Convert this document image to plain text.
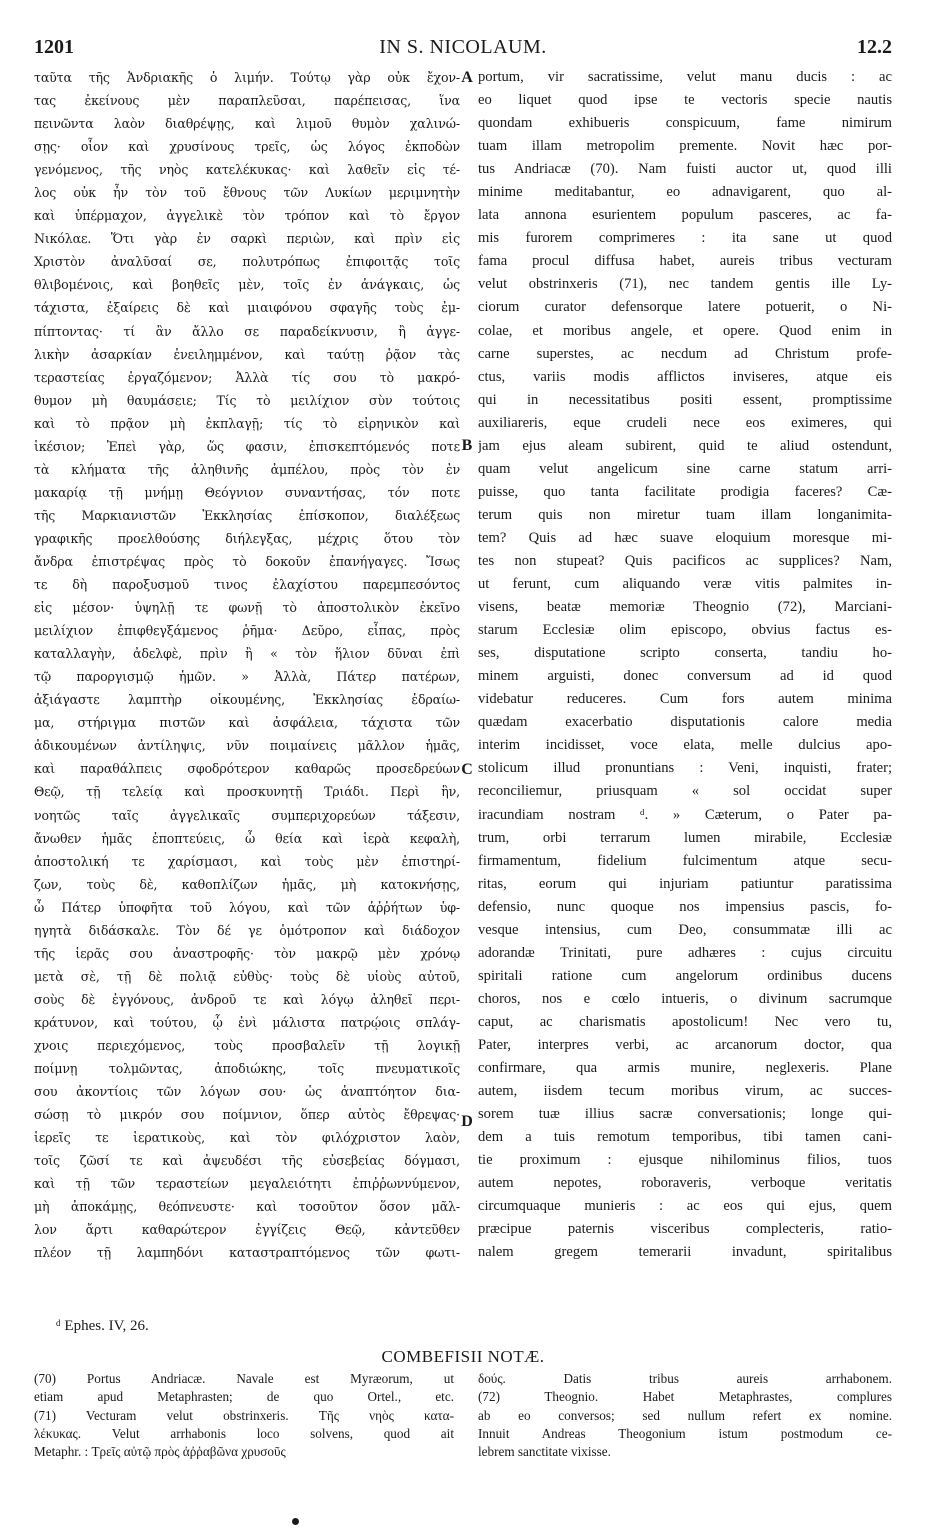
1201	IN S. NICOLAUM.	12.2
ταῦτα τῆς Ἀνδριακῆς ὁ λιμήν. Τούτῳ γὰρ οὐκ ἔχον-
τας ἐκείνους μὲν παραπλεῦσαι, παρέπεισας, ἵνα
πεινῶντα λαὸν διαθρέψῃς, καὶ λιμοῦ θυμὸν χαλινώ-
σῃς· οἷον καὶ χρυσίνους τρεῖς, ὡς λόγος ἐκποδὼν
γενόμενος, τῆς νηὸς κατελέκυκας· καὶ λαθεῖν εἰς τέ-
λος οὐκ ἦν τὸν τοῦ ἔθνους τῶν Λυκίων μεριμνητὴν
καὶ ὑπέρμαχον, ἀγγελικὲ τὸν τρόπον καὶ τὸ ἔργον
Νικόλαε. Ὅτι γὰρ ἐν σαρκὶ περιὼν, καὶ πρὶν εἰς
Χριστὸν ἀναλῦσαί σε, πολυτρόπως ἐπιφοιτᾷς τοῖς
θλιβομένοις, καὶ βοηθεῖς μὲν, τοῖς ἐν ἀνάγκαις, ὡς
τάχιστα, ἐξαίρεις δὲ καὶ μιαιφόνου σφαγῆς τοὺς ἐμ-
πίπτοντας· τί ἂν ἄλλο σε παραδείκνυσιν, ἢ ἀγγε-
λικὴν ἀσαρκίαν ἐνειλημμένον, καὶ ταύτῃ ῥᾷον τὰς
τεραστείας ἐργαζόμενον; Ἀλλὰ τίς σου τὸ μακρό-
θυμον μὴ θαυμάσειε; Τίς τὸ μειλίχιον σὺν τούτοις
καὶ τὸ πρᾷον μὴ ἐκπλαγῇ; τίς τὸ εἰρηνικὸν καὶ
ἱκέσιον; Ἐπεὶ γὰρ, ὥς φασιν, ἐπισκεπτόμενός ποτε
τὰ κλήματα τῆς ἀληθινῆς ἀμπέλου, πρὸς τὸν ἐν
μακαρίᾳ τῇ μνήμῃ Θεόγνιον συναντήσας, τόν ποτε
τῆς Μαρκιανιστῶν Ἐκκλησίας ἐπίσκοπον, διαλέξεως
γραφικῆς προελθούσης διήλεγξας, μέχρις ὅτου τὸν
ἄνδρα ἐπιστρέψας πρὸς τὸ δοκοῦν ἐπανήγαγες. Ἴσως
τε δὴ παροξυσμοῦ τινος ἐλαχίστου παρεμπεσόντος
εἰς μέσον· ὑψηλῇ τε φωνῇ τὸ ἀποστολικὸν ἐκεῖνο
μειλίχιον ἐπιφθεγξάμενος ῥῆμα· Δεῦρο, εἶπας, πρὸς
καταλλαγὴν, ἀδελφὲ, πρὶν ἢ « τὸν ἥλιον δῦναι ἐπὶ
τῷ παροργισμῷ ἡμῶν. » Ἀλλὰ, Πάτερ πατέρων,
ἀξιάγαστε λαμπτὴρ οἰκουμένης, Ἐκκλησίας ἑδραίω-
μα, στήριγμα πιστῶν καὶ ἀσφάλεια, τάχιστα τῶν
ἀδικουμένων ἀντίληψις, νῦν ποιμαίνεις μᾶλλον ἡμᾶς,
καὶ παραθάλπεις σφοδρότερον καθαρῶς προσεδρεύων
Θεῷ, τῇ τελείᾳ καὶ προσκυνητῇ Τριάδι. Περὶ ἣν,
νοητῶς ταῖς ἀγγελικαῖς συμπεριχορεύων τάξεσιν,
ἄνωθεν ἡμᾶς ἐποπτεύεις, ὦ θεία καὶ ἱερὰ κεφαλὴ,
ἀποστολική τε χαρίσμασι, καὶ τοὺς μὲν ἐπιστηρί-
ζων, τοὺς δὲ, καθοπλίζων ἡμᾶς, μὴ κατοκνήσῃς,
ὦ Πάτερ ὑποφῆτα τοῦ λόγου, καὶ τῶν ἀῤῥήτων ὑφ-
ηγητὰ διδάσκαλε. Τὸν δέ γε ὁμότροπον καὶ διάδοχον
τῆς ἱερᾶς σου ἀναστροφῆς· τὸν μακρῷ μὲν χρόνῳ
μετὰ σὲ, τῇ δὲ πολιᾷ εὐθὺς· τοὺς δὲ υἱοὺς αὐτοῦ,
σοὺς δὲ ἐγγόνους, ἀνδροῦ τε καὶ λόγῳ ἀληθεῖ περι-
κράτυνον, καὶ τούτου, ᾧ ἐνὶ μάλιστα πατρῴοις σπλάγ-
χνοις περιεχόμενος, τοὺς προσβαλεῖν τῇ λογικῇ
ποίμνῃ τολμῶντας, ἀποδιώκης, τοῖς πνευματικοῖς
σου ἀκοντίοις τῶν λόγων σου· ὡς ἀναπτόητον δια-
σώσῃ τὸ μικρόν σου ποίμνιον, ὅπερ αὐτὸς ἔθρεψας·
ἱερεῖς τε ἱερατικοὺς, καὶ τὸν φιλόχριστον λαὸν,
τοῖς ζῶσί τε καὶ ἀψευδέσι τῆς εὐσεβείας δόγμασι,
καὶ τῇ τῶν τεραστείων μεγαλειότητι ἐπιῤῥωννύμενον,
μὴ ἀποκάμῃς, θεόπνευστε· καὶ τοσοῦτον ὅσον μᾶλ-
λον ἄρτι καθαρώτερον ἐγγίζεις Θεῷ, κἀντεῦθεν
πλέον τῇ λαμπηδόνι καταστραπτόμενος τῶν φωτι-
portum, vir sacratissime, velut manu ducis : ac
eo liquet quod ipse te vectoris specie nautis
quondam exhibueris conspicuum, fame nimirum
tuam illam metropolim premente. Novit hæc por-
tus Andriacæ (70). Nam fuisti auctor ut, quod illi
minime meditabantur, eo adnavigarent, quo al-
lata annona esurientem populum pasceres, ac fa-
mis furorem comprimeres : ita sane ut quod
fama procul diffusa habet, aureis tribus vecturam
velut obstrinxeris (71), nec tandem gentis ille Ly-
ciorum curator defensorque latere potuerit, o Ni-
colae, et moribus angele, et opere. Quod enim in
carne superstes, ac necdum ad Christum profe-
ctus, variis modis afflictos inviseres, atque eis
qui in necessitatibus positi essent, promptissime
auxiliareris, eque crudeli nece eos eximeres, qui
jam ejus aleam subirent, quid te aliud ostendunt,
quam velut angelicum sine carne statum arri-
puisse, quo tanta facilitate prodigia faceres? Cæ-
terum quis non miretur tuam illam longanimita-
tem? Quis ad hæc suave eloquium moresque mi-
tes non stupeat? Quis pacificos ac supplices? Nam,
ut ferunt, cum aliquando veræ vitis palmites in-
visens, beatæ memoriæ Theognio (72), Marciani-
starum Ecclesiæ olim episcopo, obvius factus es-
ses, disputatione scripto conserta, tandiu ho-
minem arguisti, donec conversum ad id quod
videbatur reduceres. Cum fors autem minima
quædam exacerbatio disputationis calore media
interim incidisset, voce elata, melle dulcius apo-
stolicum illud pronuntians : Veni, inquisti, frater;
reconciliemur, priusquam « sol occidat super
iracundiam nostram ᵈ. » Cæterum, o Pater pa-
trum, orbi terrarum lumen mirabile, Ecclesiæ
firmamentum, fidelium fulcimentum atque secu-
ritas, eorum qui injuriam patiuntur paratissima
defensio, nunc quoque nos impensius pascis, fo-
vesque intensius, cum Deo, consummatæ illi ac
adorandæ Trinitati, pure adhæres : cujus circuitu
spiritali ratione cum angelorum ordinibus ducens
choros, nos e cœlo intueris, o divinum sacrumque
caput, ac charismatis apostolicum! Nec vero tu,
Pater, interpres verbi, ac arcanorum doctor, qua
confirmare, qua armis munire, neglexeris. Plane
autem, iisdem tecum moribus virum, ac succes-
sorem tuæ illius sacræ conversationis; longe qui-
dem a tuis remotum temporibus, tibi tamen cani-
tie proximum : ejusque nihilominus filios, tuos
autem nepotes, roboraveris, verboque veritatis
circumquaque munieris : ac eos qui ejus, quem
præcipue paternis visceribus complecteris, ratio-
nalem gregem temerarii invadunt, spiritalibus
A
B
C
D
ᵈ Ephes. IV, 26.
COMBEFISII NOTÆ.
(70) Portus Andriacæ. Navale est Myræorum, ut
etiam apud Metaphrasten; de quo Ortel., etc.
(71) Vecturam velut obstrinxeris. Τῆς νηὸς κατα-
λέκυκας. Velut arrhabonis loco solvens, quod ait
Metaphr. : Τρεῖς αὐτῷ πρὸς ἀῤῥαβῶνα χρυσοῦς
δούς. Datis tribus aureis arrhabonem.
(72) Theognio. Habet Metaphrastes, complures
ab eo conversos; sed nullum refert ex nomine.
Innuit Andreas Theogonium istum postmodum ce-
lebrem sanctitate vixisse.
